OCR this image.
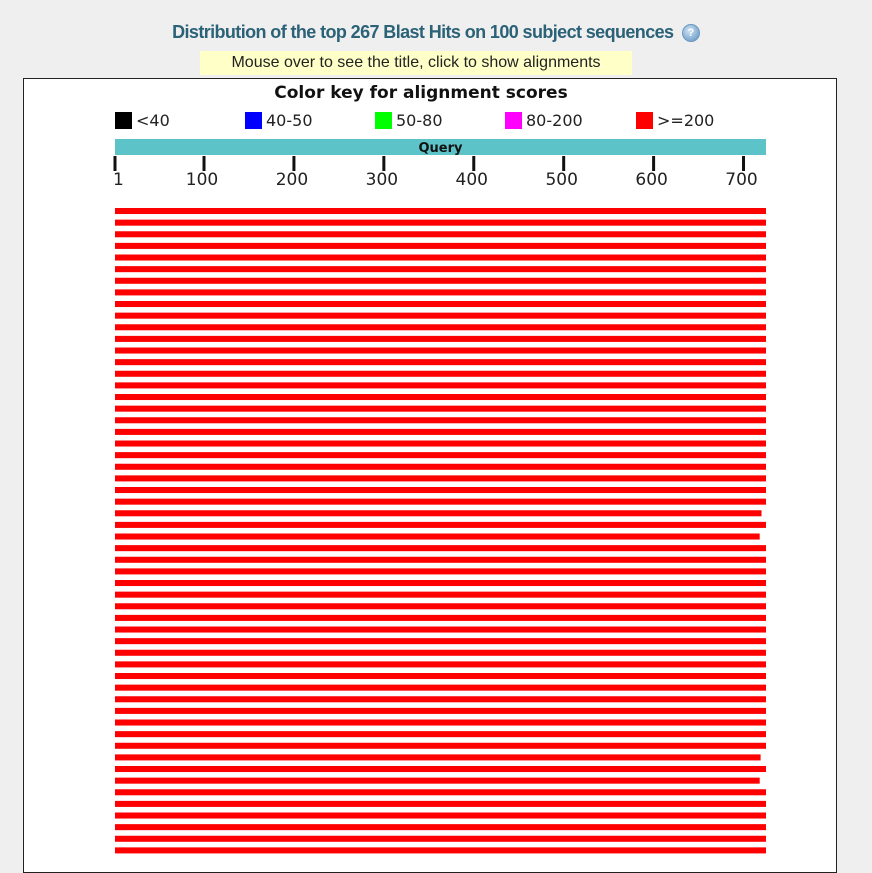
Distribution of the top 267 Blast Hits on 100 subject sequences ?
Mouse over to see the title, click to show alignments
Color key for alignment scores
<40	40-50	50-80	80-200	>=200
Query
1	100	200	300	400	500	600	700
